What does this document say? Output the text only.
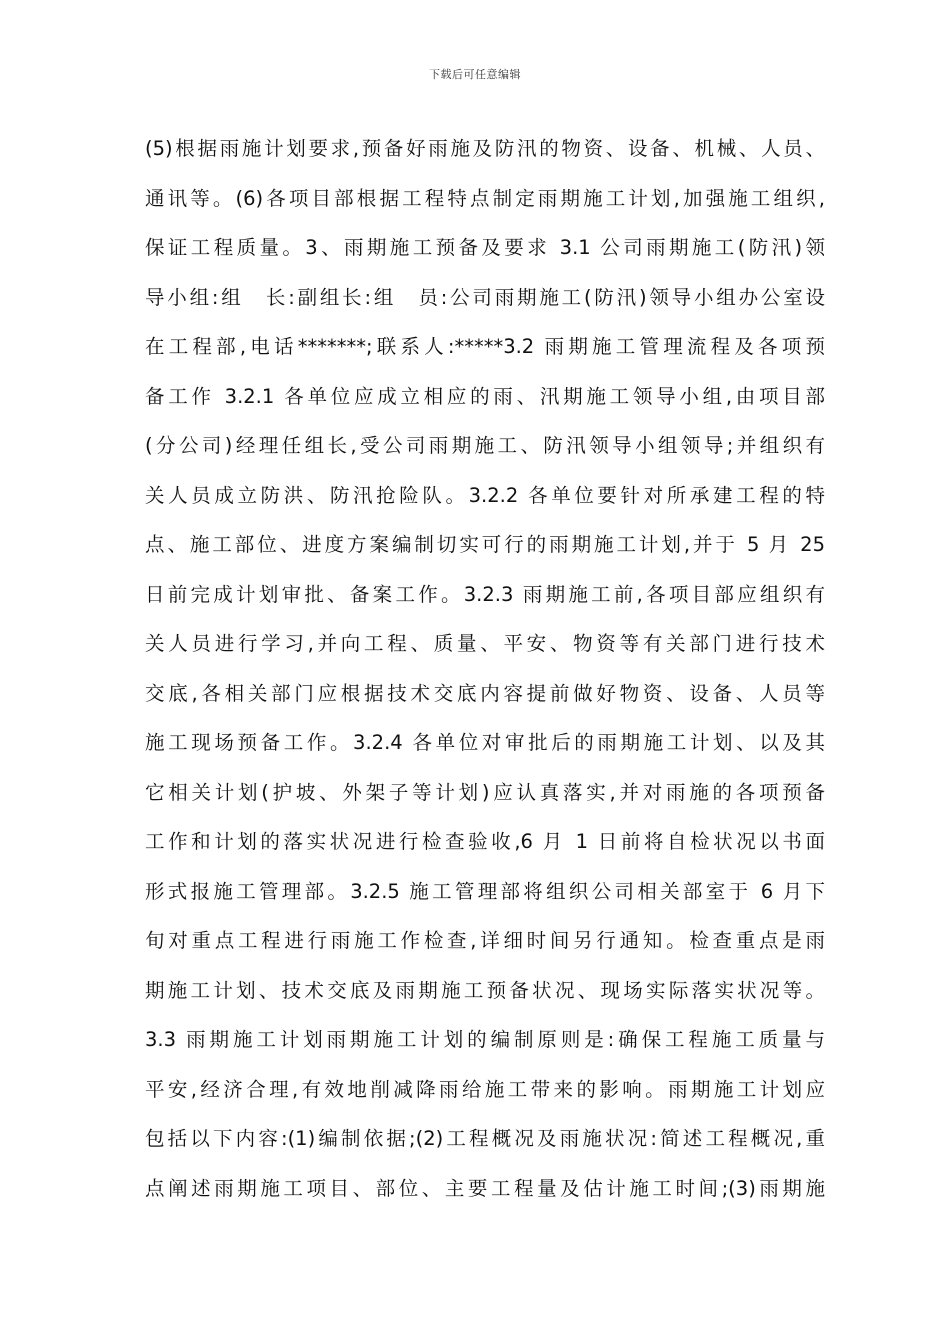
下载后可任意编辑
(5)根据雨施计划要求,预备好雨施及防汛的物资、设备、机械、人员、
通讯等。(6)各项目部根据工程特点制定雨期施工计划,加强施工组织,
保证工程质量。3、雨期施工预备及要求 3.1 公司雨期施工(防汛)领
导小组:组　长:副组长:组　员:公司雨期施工(防汛)领导小组办公室设
在工程部,电话*******;联系人:*****3.2 雨期施工管理流程及各项预
备工作 3.2.1 各单位应成立相应的雨、汛期施工领导小组,由项目部
(分公司)经理任组长,受公司雨期施工、防汛领导小组领导;并组织有
关人员成立防洪、防汛抢险队。3.2.2 各单位要针对所承建工程的特
点、施工部位、进度方案编制切实可行的雨期施工计划,并于 5 月 25
日前完成计划审批、备案工作。3.2.3 雨期施工前,各项目部应组织有
关人员进行学习,并向工程、质量、平安、物资等有关部门进行技术
交底,各相关部门应根据技术交底内容提前做好物资、设备、人员等
施工现场预备工作。3.2.4 各单位对审批后的雨期施工计划、以及其
它相关计划(护坡、外架子等计划)应认真落实,并对雨施的各项预备
工作和计划的落实状况进行检查验收,6 月 1 日前将自检状况以书面
形式报施工管理部。3.2.5 施工管理部将组织公司相关部室于 6 月下
旬对重点工程进行雨施工作检查,详细时间另行通知。检查重点是雨
期施工计划、技术交底及雨期施工预备状况、现场实际落实状况等。
3.3 雨期施工计划雨期施工计划的编制原则是:确保工程施工质量与
平安,经济合理,有效地削减降雨给施工带来的影响。雨期施工计划应
包括以下内容:(1)编制依据;(2)工程概况及雨施状况:简述工程概况,重
点阐述雨期施工项目、部位、主要工程量及估计施工时间;(3)雨期施
